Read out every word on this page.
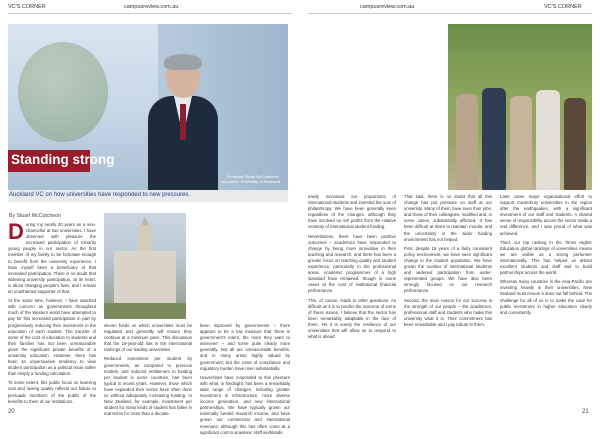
VC'S CORNER	campusreview.com.au
Professor Stuart McCutcheon,
All photos: University of Auckland
Standing strong
Auckland VC on how universities have responded to new pressures.
By Stuart McCutcheon

During my nearly 20 years as a vice-chancellor at two universities, I have observed with pleasure the increased participation of minority young people in our sector. As the first member of my family to be fortunate enough to benefit from the university experience, I have myself been a beneficiary of that increased participation. There is no doubt that widening university participation, at its heart, is about changing people's lives, and I remain an unashamed supporter of that.

At the same time, however, I have watched with concern as governments throughout much of the Western world have attempted to pay for this increased participation in part by progressively reducing their investment in the education of each student. The transfer of some of the cost of education to students and their families has not been unreasonable given the significant private benefits of a university education. However, there has been an unpersuasive tendency to view student participation as a political issue rather than simply a funding calculation.

To some extent, this public focus on lowering cost and raising quality reflects our failure to persuade members of the public of the benefits to them of our institutions.

eleven funds on which universities must be regulated and generally will ensure they continue at a minimum pace. This discussion that the 19-year-old has in the international rankings of our leading universities.

Reduced investment per student by governments, as compared to previous models, and reduced entitlement to funding per student in some countries, has been typical in recent years. However, those which have expanded their sector have often done so without adequately increasing funding. In New Zealand, for example, investment per student for many kinds of student has fallen in real terms for more than a decade.

been improved by governments – there appears to be a low measure that 'there is government's intent, the more they want to intervene' – and some quite clearly more generally. Not all are unreasonable benefits, and in many areas highly valued by government; but the costs of compliance and regulatory burden have risen substantially.

Universities have responded to this pressure with what, in hindsight, has been a remarkably wide range of changes, including greater investment in infrastructure, more diverse income generation, and new international partnerships. We have typically grown our externally funded research income, and have grown our commercial and international revenues, although this has often come at a significant cost to academic staff workloads.

20
campusreview.com.au	VC'S CORNER

easily increased our proportions of international students and invested the sum of philanthropy. We have been generally keen regardless of the changes, although they have involved us rich profits from the relative certainty of international student funding.

Nevertheless, there have been positive outcomes – academics have responded to change by being more innovative in their teaching and research, and there has been a greater focus on teaching quality and student experience, particularly in the professional areas. Academic programmes of a high standard have remained, though in some cases at the cost of institutional financial performance.

This, of course, leads to other questions. As difficult as it is to predict the outcome of some of these issues, I believe that the sector has been remarkably adaptable in the face of them. Yet it is surely the resilience of our universities that will allow us to respond to what is ahead.

That said, there is no doubt that all this change has put pressure on staff at our university. Many of them have seen their jobs, and those of their colleagues, modified and, in some cases, substantially affected. It has been difficult at times to maintain morale, and the uncertainty in the wider funding environment has not helped.

First, despite 15 years of a fairly consistent policy environment, we have seen significant change in the student population. We have grown the number of international students and widened participation from under-represented groups. We have also been strongly focused on our research performance.

Second, the main reason for our success is the strength of our people – the academics, professional staff and students who make this university what it is. Their commitment has been remarkable and I pay tribute to them.

Later came major organisational effort to support Canterbury universities in the region after the earthquakes, with a significant investment of our staff and students. A shared sense of responsibility across the sector made a real difference, and I was proud of what was achieved.

Third, our top ranking in the Times Higher Education global rankings of universities means we are visible as a strong performer internationally. This has helped us attract excellent students and staff and to build partnerships across the world.

Whereas many countries in the Asia-Pacific are investing heavily in their universities, New Zealand must ensure it does not fall behind. The challenge for all of us is to make the case for public investment in higher education clearly and consistently.

21
